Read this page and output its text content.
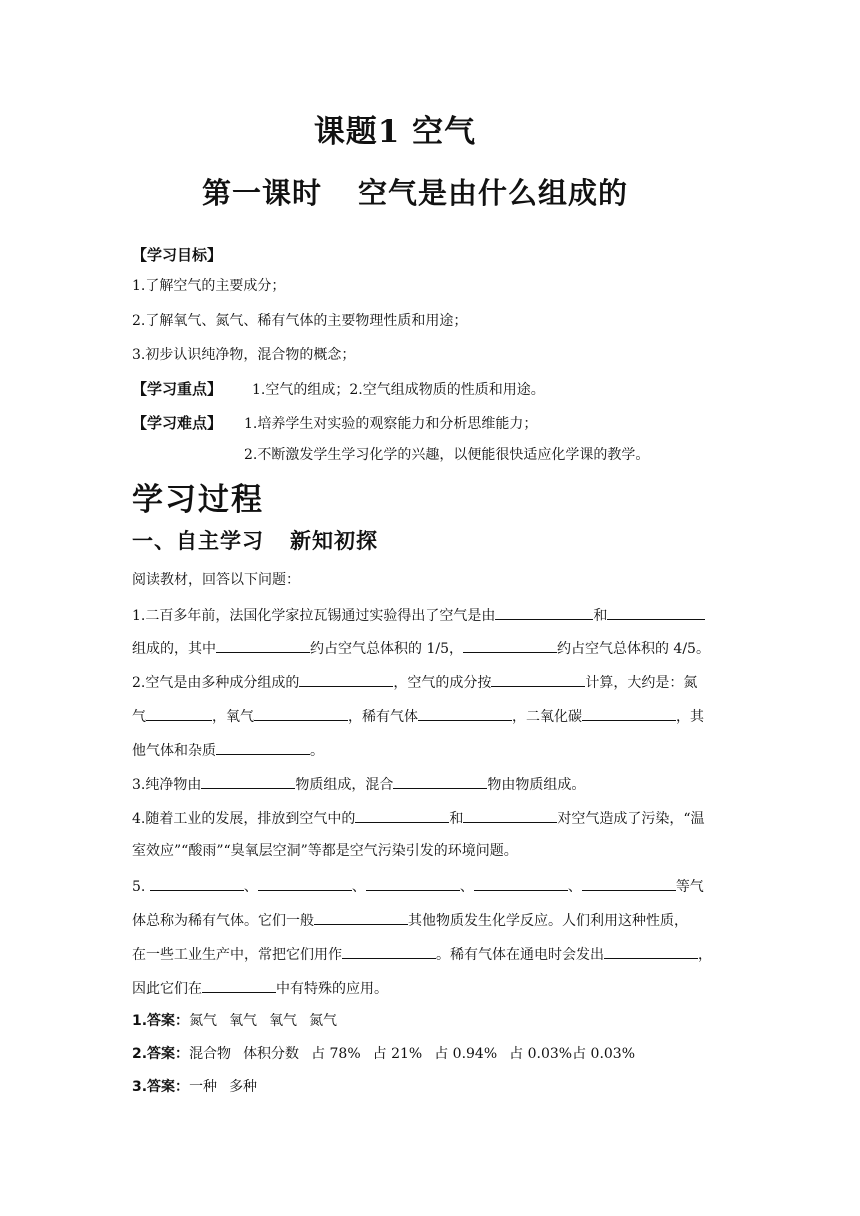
课题1 空气
第一课时 空气是由什么组成的
【学习目标】
1.了解空气的主要成分；
2.了解氧气、氮气、稀有气体的主要物理性质和用途；
3.初步认识纯净物，混合物的概念；
【学习重点】 1.空气的组成；2.空气组成物质的性质和用途。
【学习难点】 1.培养学生对实验的观察能力和分析思维能力；
2.不断激发学生学习化学的兴趣，以便能很快适应化学课的教学。
学习过程
一、自主学习 新知初探
阅读教材，回答以下问题：
1.二百多年前，法国化学家拉瓦锡通过实验得出了空气是由	和
组成的，其中	约占空气总体积的 1/5，	约占空气总体积的 4/5。
2.空气是由多种成分组成的	，空气的成分按	计算，大约是：氮
气	，氧气	，稀有气体	，二氧化碳	，其
他气体和杂质	。
3.纯净物由	物质组成，混合	物由物质组成。
4.随着工业的发展，排放到空气中的	和	对空气造成了污染，“温
室效应”“酸雨”“臭氧层空洞”等都是空气污染引发的环境问题。
5.	、	、	、	、	等气
体总称为稀有气体。它们一般	其他物质发生化学反应。人们利用这种性质，
在一些工业生产中，常把它们用作	。稀有气体在通电时会发出	，
因此它们在	中有特殊的应用。
1.答案：氮气 氧气 氧气 氮气
2.答案：混合物 体积分数 占 78% 占 21% 占 0.94% 占 0.03%占 0.03%
3.答案：一种 多种
